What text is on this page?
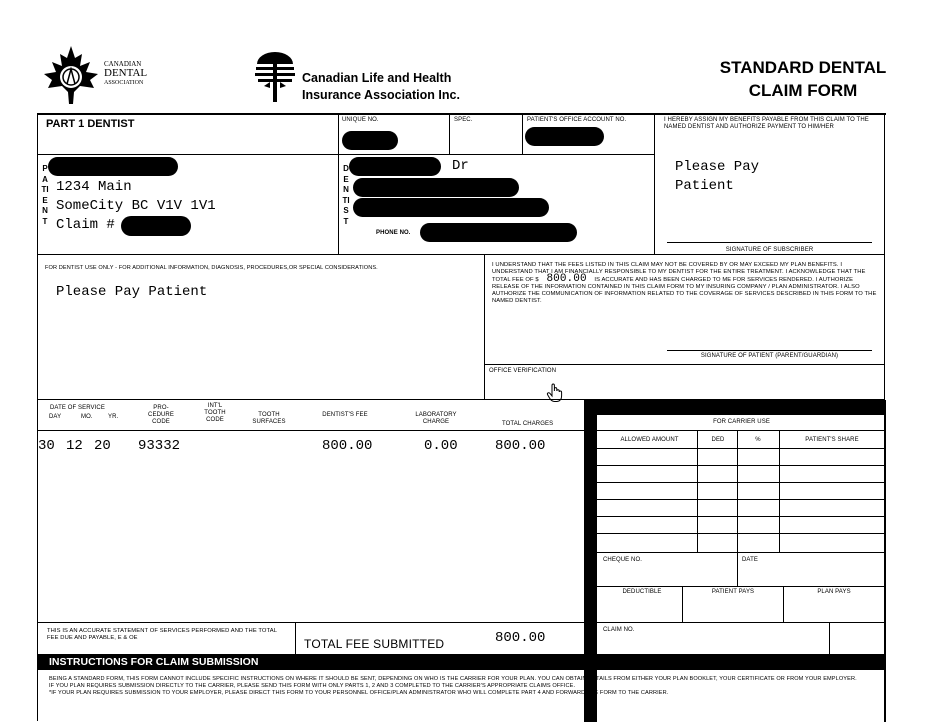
CANADIAN
DENTAL
ASSOCIATION	Canadian Life and Health
Insurance Association Inc.
STANDARD DENTAL
CLAIM FORM
PART 1 DENTIST	UNIQUE NO.	SPEC.	PATIENT'S OFFICE ACCOUNT NO.
PATIENT
1234 Main
SomeCity BC V1V 1V1
Claim #
DENTIST
Dr
PHONE NO.
I HEREBY ASSIGN MY BENEFITS PAYABLE FROM THIS CLAIM TO THE NAMED DENTIST AND AUTHORIZE PAYMENT TO HIM/HER
Please Pay
Patient
SIGNATURE OF SUBSCRIBER
FOR DENTIST USE ONLY - FOR ADDITIONAL INFORMATION, DIAGNOSIS, PROCEDURES,OR SPECIAL CONSIDERATIONS.
Please Pay Patient
I UNDERSTAND THAT THE FEES LISTED IN THIS CLAIM MAY NOT BE COVERED BY OR MAY EXCEED MY PLAN BENEFITS. I UNDERSTAND THAT I AM FINANCIALLY RESPONSIBLE TO MY DENTIST FOR THE ENTIRE TREATMENT. I ACKNOWLEDGE THAT THE TOTAL FEE OF $ 800.00 IS ACCURATE AND HAS BEEN CHARGED TO ME FOR SERVICES RENDERED. I AUTHORIZE RELEASE OF THE INFORMATION CONTAINED IN THIS CLAIM FORM TO MY INSURING COMPANY / PLAN ADMINISTRATOR. I ALSO AUTHORIZE THE COMMUNICATION OF INFORMATION RELATED TO THE COVERAGE OF SERVICES DESCRIBED IN THIS FORM TO THE NAMED DENTIST.
SIGNATURE OF PATIENT (PARENT/GUARDIAN)
OFFICE VERIFICATION
DATE OF SERVICE
DAY	MO.	YR.
PRO-CEDURE CODE
INT'L TOOTH CODE
TOOTH SURFACES
DENTIST'S FEE	LABORATORY CHARGE	TOTAL CHARGES
30 12 20 93332	800.00	0.00	800.00
FOR CARRIER USE
ALLOWED AMOUNT	DED	%	PATIENT'S SHARE
CHEQUE NO.	DATE
DEDUCTIBLE	PATIENT PAYS	PLAN PAYS
CLAIM NO.
THIS IS AN ACCURATE STATEMENT OF SERVICES PERFORMED AND THE TOTAL FEE DUE AND PAYABLE, E & OE	TOTAL FEE SUBMITTED	800.00
INSTRUCTIONS FOR CLAIM SUBMISSION
BEING A STANDARD FORM, THIS FORM CANNOT INCLUDE SPECIFIC INSTRUCTIONS ON WHERE IT SHOULD BE SENT, DEPENDING ON WHO IS THE CARRIER FOR YOUR PLAN. YOU CAN OBTAIN DETAILS FROM EITHER YOUR PLAN BOOKLET, YOUR CERTIFICATE OR FROM YOUR EMPLOYER.
IF YOU PLAN REQUIRES SUBMISSION DIRECTLY TO THE CARRIER, PLEASE SEND THIS FORM WITH ONLY PARTS 1, 2 AND 3 COMPLETED TO THE CARRIER'S APPROPRIATE CLAIMS OFFICE.
*IF YOUR PLAN REQUIRES SUBMISSION TO YOUR EMPLOYER, PLEASE DIRECT THIS FORM TO YOUR PERSONNEL OFFICE/PLAN ADMINISTRATOR WHO WILL COMPLETE PART 4 AND FORWARD THE FORM TO THE CARRIER.
